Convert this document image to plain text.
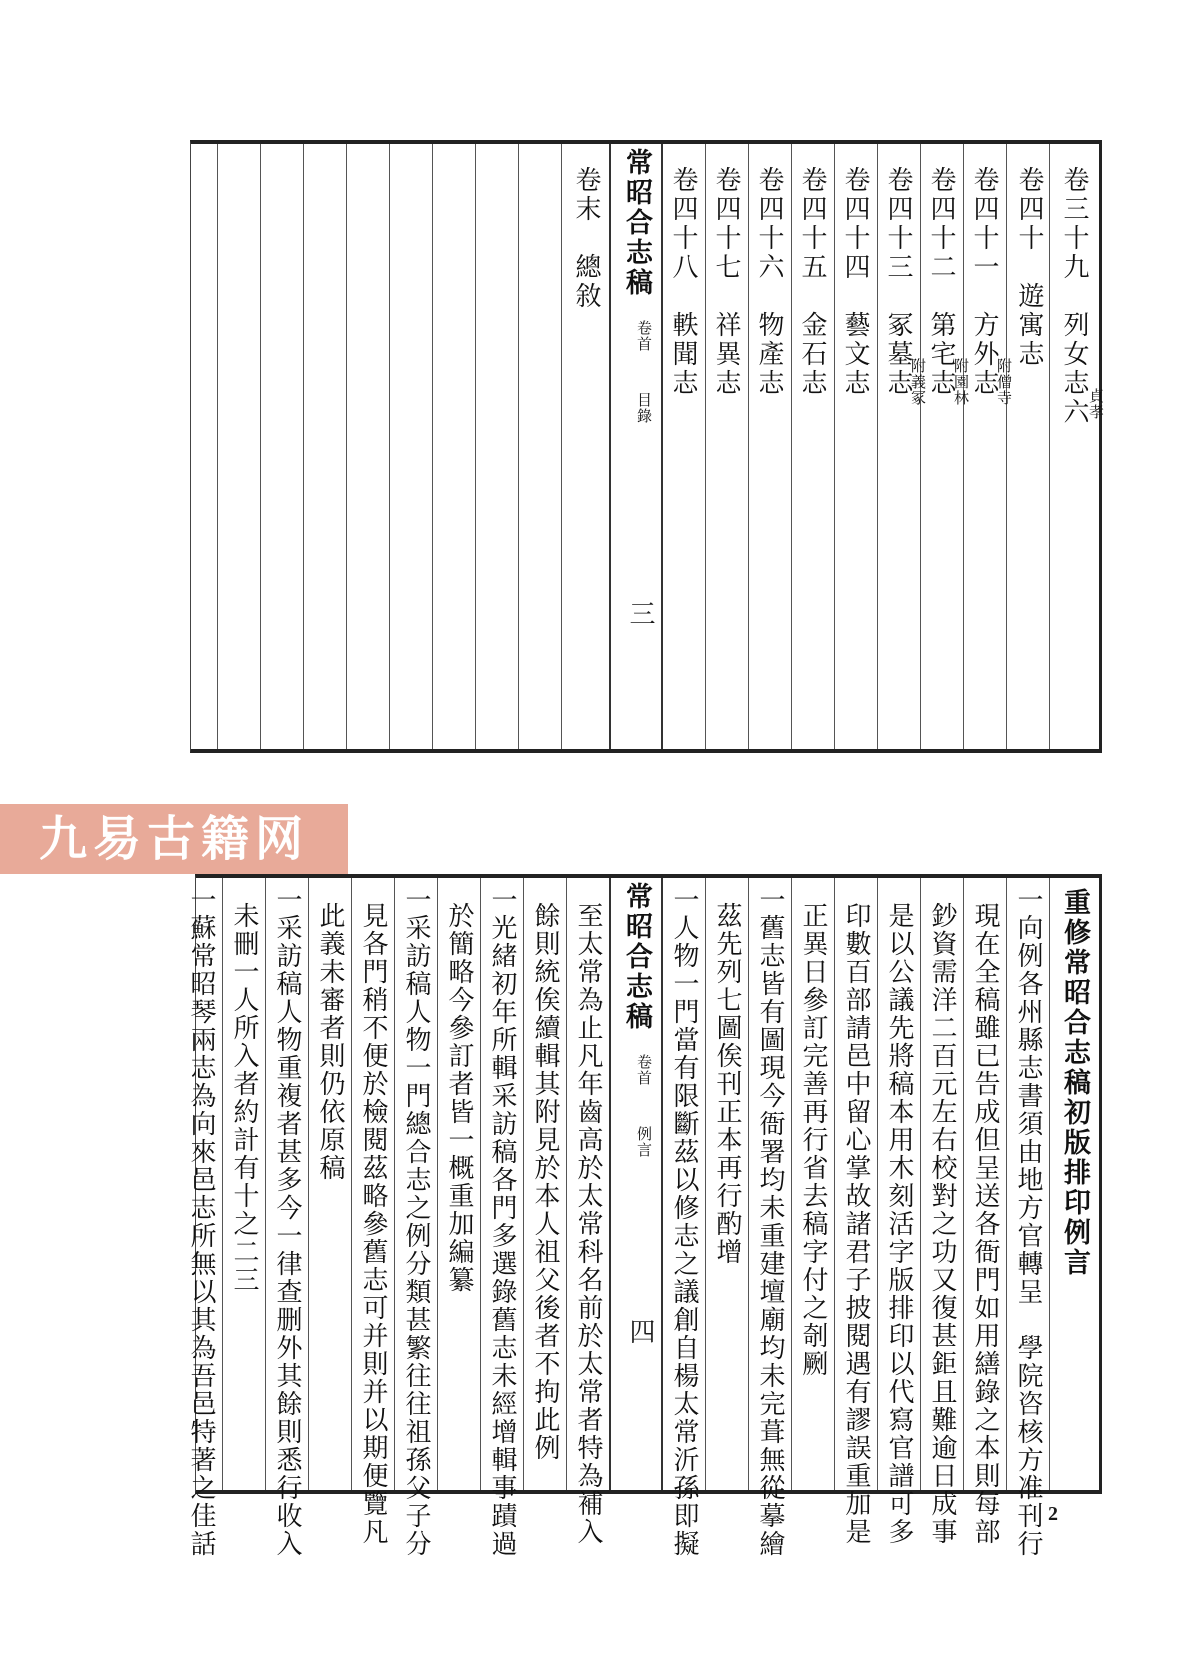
卷三十九　列女志六
貞孝
卷四十　遊寓志
卷四十一　方外志
附僧寺
卷四十二　第宅志
附園林
卷四十三　冢墓志
附義冢
卷四十四　藝文志
卷四十五　金石志
卷四十六　物產志
卷四十七　祥異志
卷四十八　軼聞志
常昭合志稿
卷首
目錄
三
卷末　總敘
九易古籍网
重修常昭合志稿初版排印例言
一向例各州縣志書須由地方官轉呈　學院咨核方准刊行
現在全稿雖已告成但呈送各衙門如用繕錄之本則每部
鈔資需洋二百元左右校對之功又復甚鉅且難逾日成事
是以公議先將稿本用木刻活字版排印以代寫官譜可多
印數百部請邑中留心掌故諸君子披閱遇有謬誤重加是
正異日參訂完善再行省去稿字付之剞劂
一舊志皆有圖現今衙署均未重建壇廟均未完葺無從摹繪
茲先列七圖俟刊正本再行酌增
一人物一門當有限斷茲以修志之議創自楊太常沂孫即擬
常昭合志稿
卷首
例言
四
至太常為止凡年齒高於太常科名前於太常者特為補入
餘則統俟續輯其附見於本人祖父後者不拘此例
一光緒初年所輯采訪稿各門多選錄舊志未經增輯事蹟過
於簡略今參訂者皆一概重加編纂
一采訪稿人物一門總合志之例分類甚繁往往祖孫父子分
見各門稍不便於檢閱茲略參舊志可并則并以期便覽凡
此義未審者則仍依原稿
一采訪稿人物重複者甚多今一律查删外其餘則悉行收入
未刪一人所入者約計有十之二三
一蘇常昭琴兩志為向來邑志所無以其為吾邑特著之佳話	2
